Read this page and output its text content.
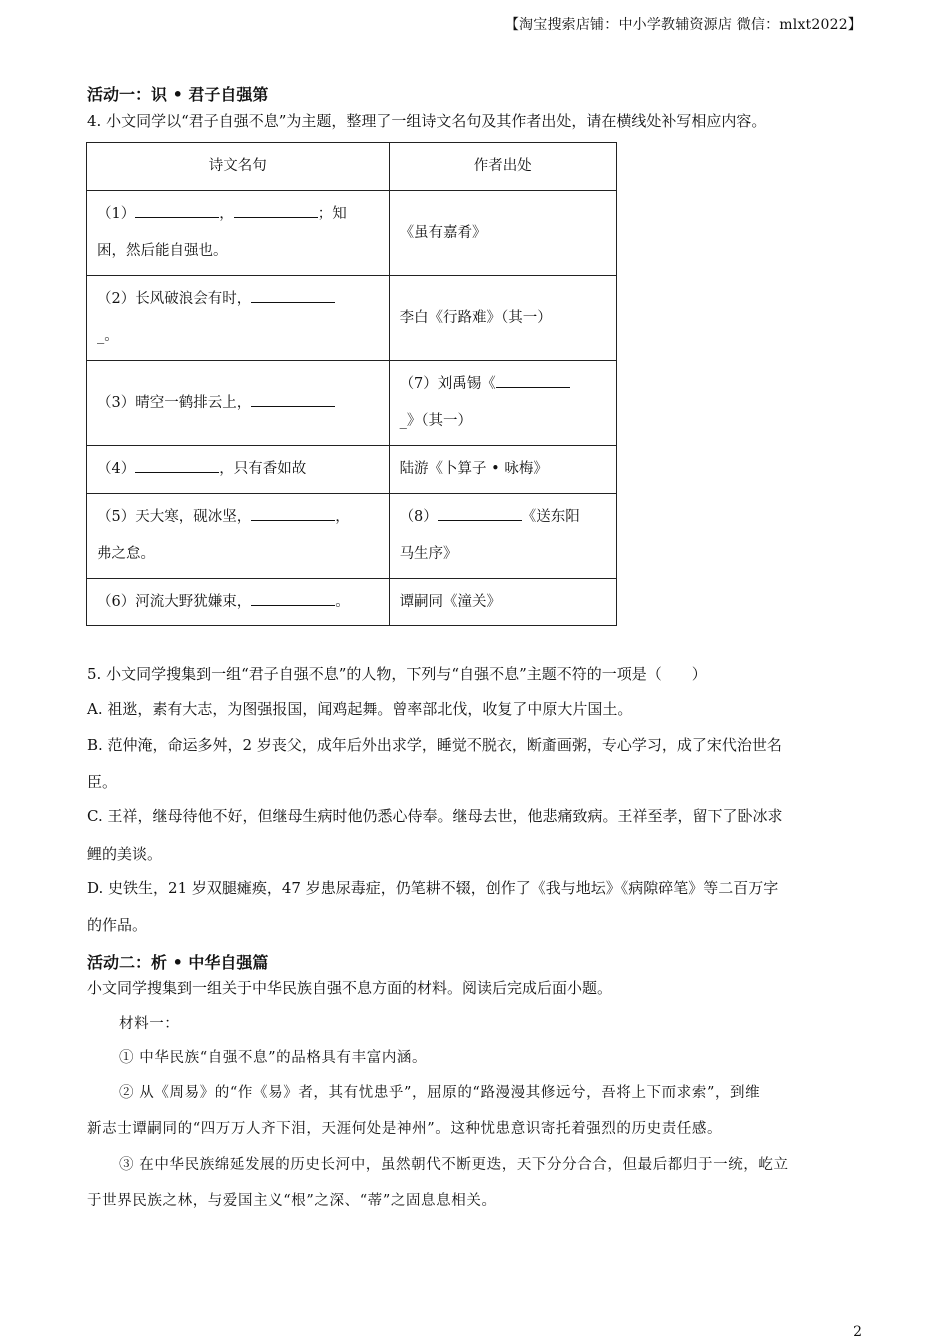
【淘宝搜索店铺：中小学教辅资源店 微信：mlxt2022】
活动一：识 • 君子自强第
4. 小文同学以“君子自强不息”为主题，整理了一组诗文名句及其作者出处，请在横线处补写相应内容。
诗文名句	作者出处
（1） ， ；知
困，然后能自强也。	《虽有嘉肴》
（2）长风破浪会有时，
_。	李白《行路难》（其一）
（3）晴空一鹤排云上，	（7）刘禹锡《
_》（其一）
（4） ，只有香如故	陆游《卜算子 • 咏梅》
（5）天大寒，砚冰坚， ，
弗之怠。	（8） 《送东阳
马生序》
（6）河流大野犹嫌束， 。	谭嗣同《潼关》
5. 小文同学搜集到一组“君子自强不息”的人物，下列与“自强不息”主题不符的一项是（　　）
A. 祖逖，素有大志，为图强报国，闻鸡起舞。曾率部北伐，收复了中原大片国土。
B. 范仲淹，命运多舛，2 岁丧父，成年后外出求学，睡觉不脱衣，断齑画粥，专心学习，成了宋代治世名
臣。
C. 王祥，继母待他不好，但继母生病时他仍悉心侍奉。继母去世，他悲痛致病。王祥至孝，留下了卧冰求
鲤的美谈。
D. 史铁生，21 岁双腿瘫痪，47 岁患尿毒症，仍笔耕不辍，创作了《我与地坛》《病隙碎笔》等二百万字
的作品。
活动二：析 • 中华自强篇
小文同学搜集到一组关于中华民族自强不息方面的材料。阅读后完成后面小题。
材料一：
① 中华民族“自强不息”的品格具有丰富内涵。
② 从《周易》的“作《易》者，其有忧患乎”，屈原的“路漫漫其修远兮，吾将上下而求索”，到维
新志士谭嗣同的“四万万人齐下泪，天涯何处是神州”。这种忧患意识寄托着强烈的历史责任感。
③ 在中华民族绵延发展的历史长河中，虽然朝代不断更迭，天下分分合合，但最后都归于一统，屹立
于世界民族之林，与爱国主义“根”之深、“蒂”之固息息相关。
2
